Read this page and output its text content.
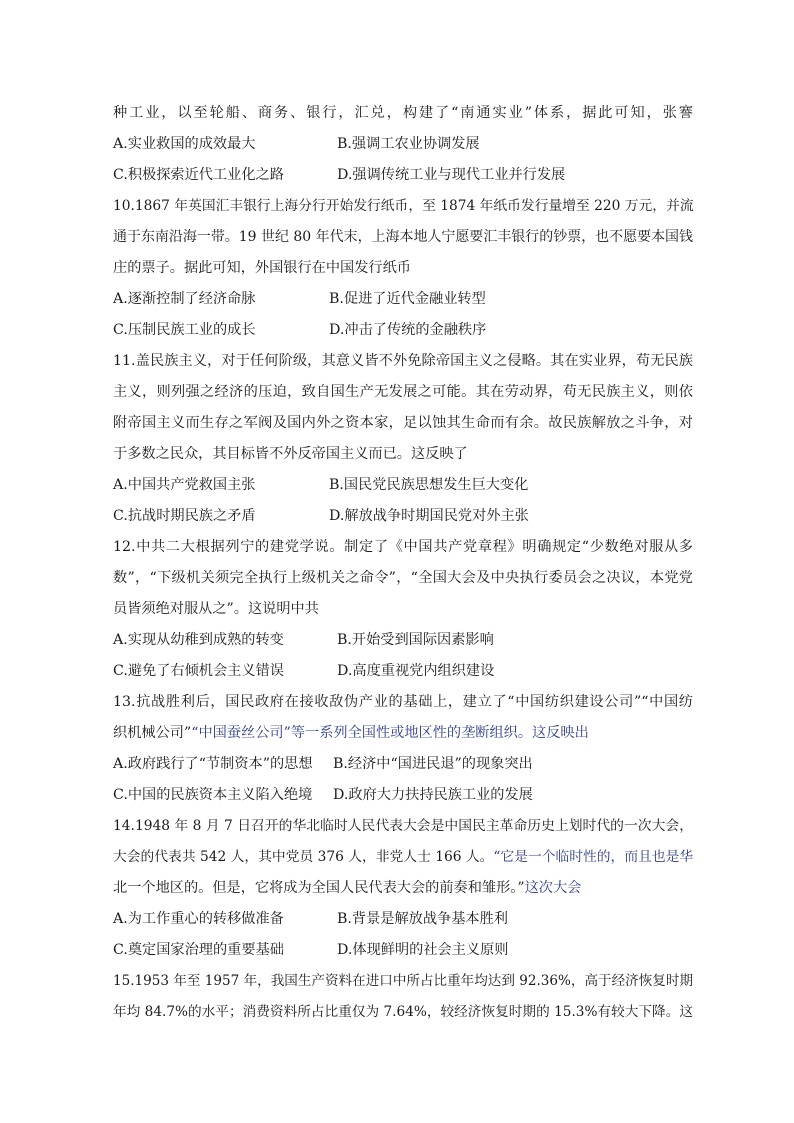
种工业，以至轮船、商务、银行，汇兑，构建了“南通实业”体系，据此可知，张謇
A.实业救国的成效最大	B.强调工农业协调发展
C.积极探索近代工业化之路	D.强调传统工业与现代工业并行发展
10.1867 年英国汇丰银行上海分行开始发行纸币，至 1874 年纸币发行量增至 220 万元，并流
通于东南沿海一带。19 世纪 80 年代末，上海本地人宁愿要汇丰银行的钞票，也不愿要本国钱
庄的票子。据此可知，外国银行在中国发行纸币
A.逐渐控制了经济命脉	B.促进了近代金融业转型
C.压制民族工业的成长	D.冲击了传统的金融秩序
11.盖民族主义，对于任何阶级，其意义皆不外免除帝国主义之侵略。其在实业界，苟无民族
主义，则列强之经济的压迫，致自国生产无发展之可能。其在劳动界，苟无民族主义，则依
附帝国主义而生存之军阀及国内外之资本家，足以蚀其生命而有余。故民族解放之斗争，对
于多数之民众，其目标皆不外反帝国主义而已。这反映了
A.中国共产党救国主张	B.国民党民族思想发生巨大变化
C.抗战时期民族之矛盾	D.解放战争时期国民党对外主张
12.中共二大根据列宁的建党学说。制定了《中国共产党章程》明确规定“少数绝对服从多
数”，“下级机关须完全执行上级机关之命令”，“全国大会及中央执行委员会之决议，本党党
员皆须绝对服从之”。这说明中共
A.实现从幼稚到成熟的转变	B.开始受到国际因素影响
C.避免了右倾机会主义错误	D.高度重视党内组织建设
13.抗战胜利后，国民政府在接收敌伪产业的基础上，建立了“中国纺织建设公司”“中国纺
织机械公司”“中国蚕丝公司”等一系列全国性或地区性的垄断组织。这反映出
A.政府践行了“节制资本”的思想	B.经济中“国进民退”的现象突出
C.中国的民族资本主义陷入绝境	D.政府大力扶持民族工业的发展
14.1948 年 8 月 7 日召开的华北临时人民代表大会是中国民主革命历史上划时代的一次大会，
大会的代表共 542 人，其中党员 376 人，非党人士 166 人。“它是一个临时性的，而且也是华
北一个地区的。但是，它将成为全国人民代表大会的前奏和雏形。”这次大会
A.为工作重心的转移做准备	B.背景是解放战争基本胜利
C.奠定国家治理的重要基础	D.体现鲜明的社会主义原则
15.1953 年至 1957 年，我国生产资料在进口中所占比重年均达到 92.36%，高于经济恢复时期
年均 84.7%的水平；消费资料所占比重仅为 7.64%，较经济恢复时期的 15.3%有较大下降。这
